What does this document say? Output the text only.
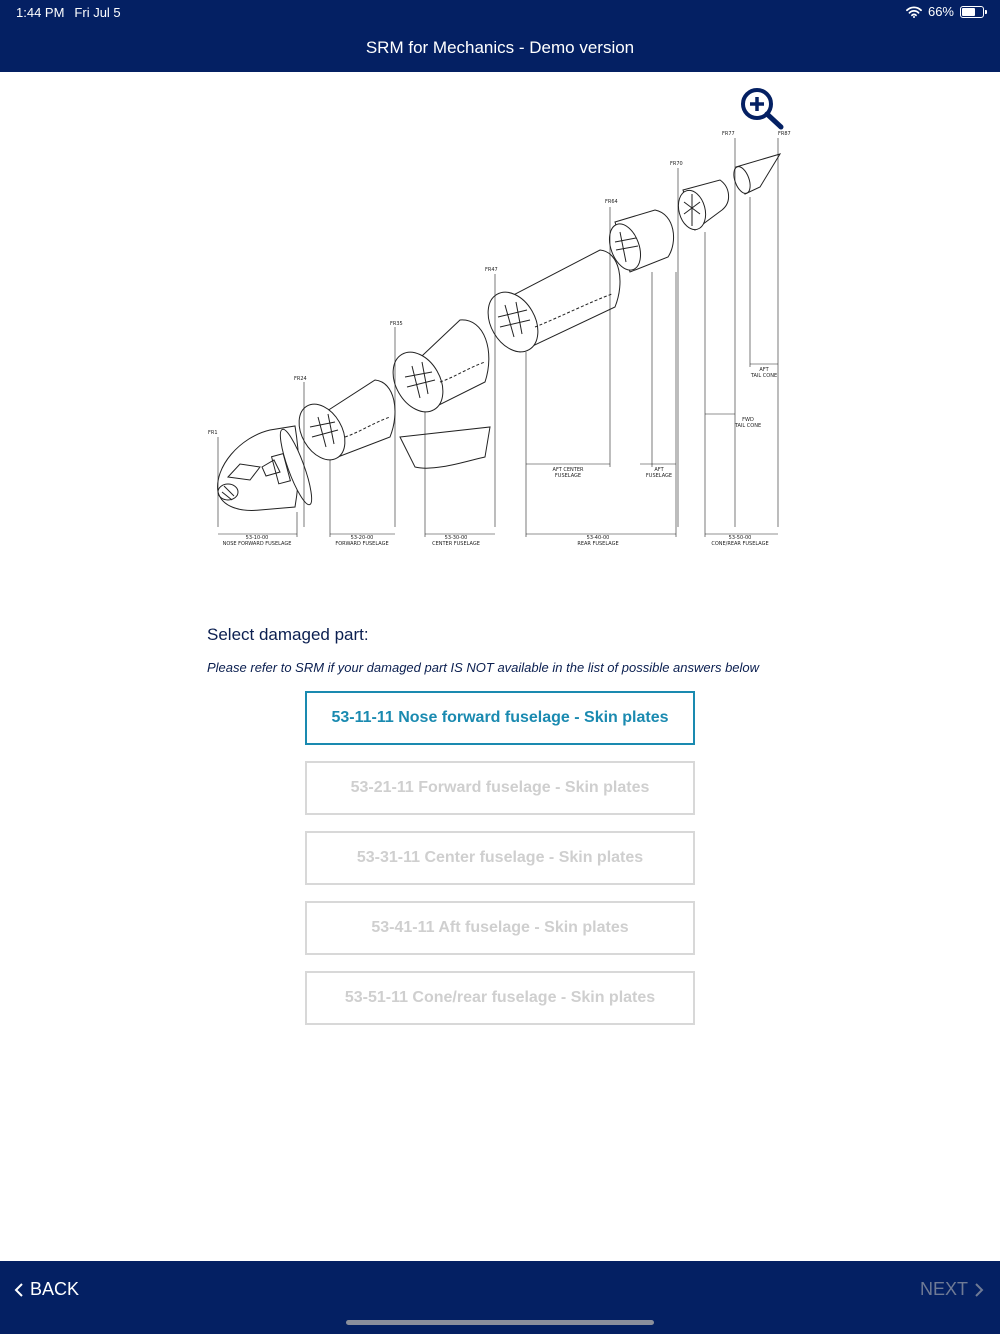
1:44 PM Fri Jul 5	66%
SRM for Mechanics - Demo version
FR1
FR24
FR35
FR47
FR64
FR70
FR77	FR87
53-10-00
NOSE FORWARD FUSELAGE
53-20-00
FORWARD FUSELAGE
53-30-00
CENTER FUSELAGE
53-40-00
REAR FUSELAGE
53-50-00
CONE/REAR FUSELAGE
AFT CENTER
FUSELAGE
AFT
FUSELAGE
AFT
TAIL CONE
FWD
TAIL CONE
Select damaged part:
Please refer to SRM if your damaged part IS NOT available in the list of possible answers below
53-11-11 Nose forward fuselage - Skin plates
53-21-11 Forward fuselage - Skin plates
53-31-11 Center fuselage - Skin plates
53-41-11 Aft fuselage - Skin plates
53-51-11 Cone/rear fuselage - Skin plates
BACK	NEXT
